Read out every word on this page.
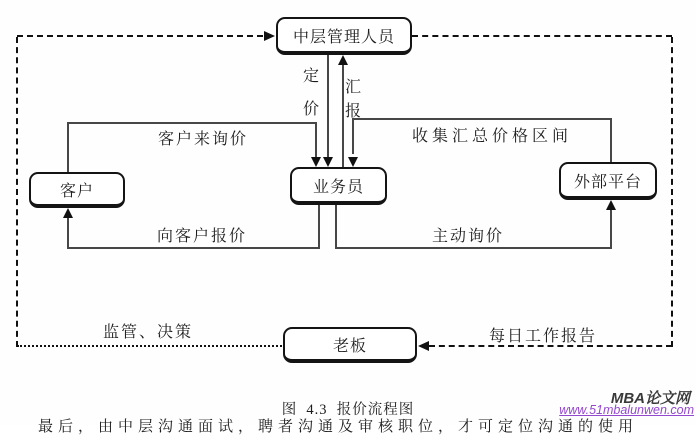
中层管理人员
客户	业务员	外部平台
老板
定价
汇报
客户来询价	收集汇总价格区间
向客户报价	主动询价
监管、决策	每日工作报告
图  4.3  报价流程图
最后，由中层沟通面试，聘者沟通及审核职位，才可定位沟通的使用
MBA论文网
www.51mbalunwen.com
